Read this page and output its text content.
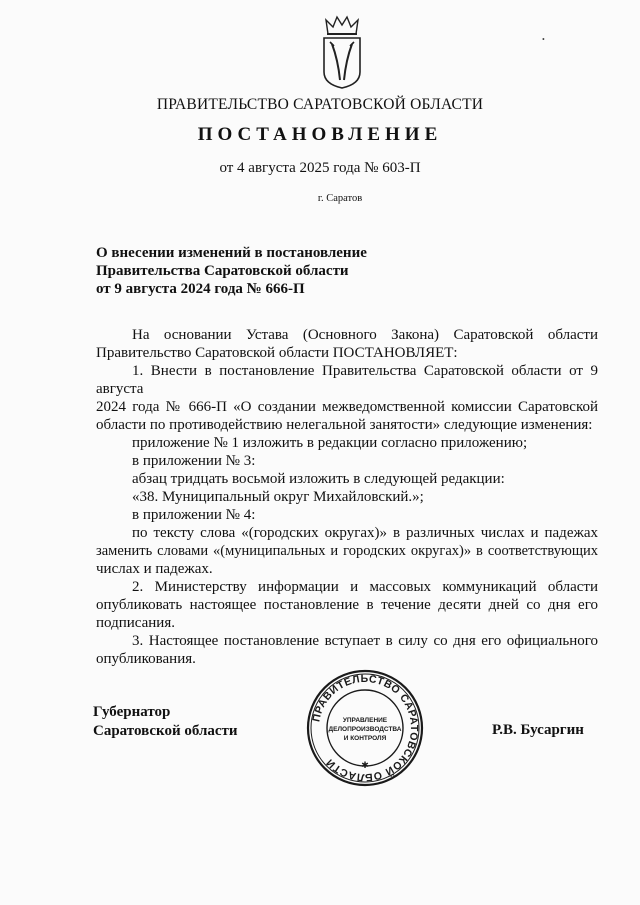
•
ПРАВИТЕЛЬСТВО САРАТОВСКОЙ ОБЛАСТИ
ПОСТАНОВЛЕНИЕ
от 4 августа 2025 года № 603-П
г. Саратов
О внесении изменений в постановление
Правительства Саратовской области
от 9 августа 2024 года № 666-П

На основании Устава (Основного Закона) Саратовской области

Правительство Саратовской области ПОСТАНОВЛЯЕТ:

1. Внести в постановление Правительства Саратовской области от 9 августа

2024 года № 666-П «О создании межведомственной комиссии Саратовской

области по противодействию нелегальной занятости» следующие изменения:

приложение № 1 изложить в редакции согласно приложению;

в приложении № 3:

абзац тридцать восьмой изложить в следующей редакции:

«38. Муниципальный округ Михайловский.»;

в приложении № 4:

по тексту слова «(городских округах)» в различных числах и падежах

заменить словами «(муниципальных и городских округах)» в соответствующих

числах и падежах.

2. Министерству информации и массовых коммуникаций области

опубликовать настоящее постановление в течение десяти дней со дня его

подписания.

3. Настоящее постановление вступает в силу со дня его официального

опубликования.

Губернатор
Саратовской области	Р.В. Бусаргин
ПРАВИТЕЛЬСТВО САРАТОВСКОЙ ОБЛАСТИ
УПРАВЛЕНИЕ
ДЕЛОПРОИЗВОДСТВА
И КОНТРОЛЯ
✱
